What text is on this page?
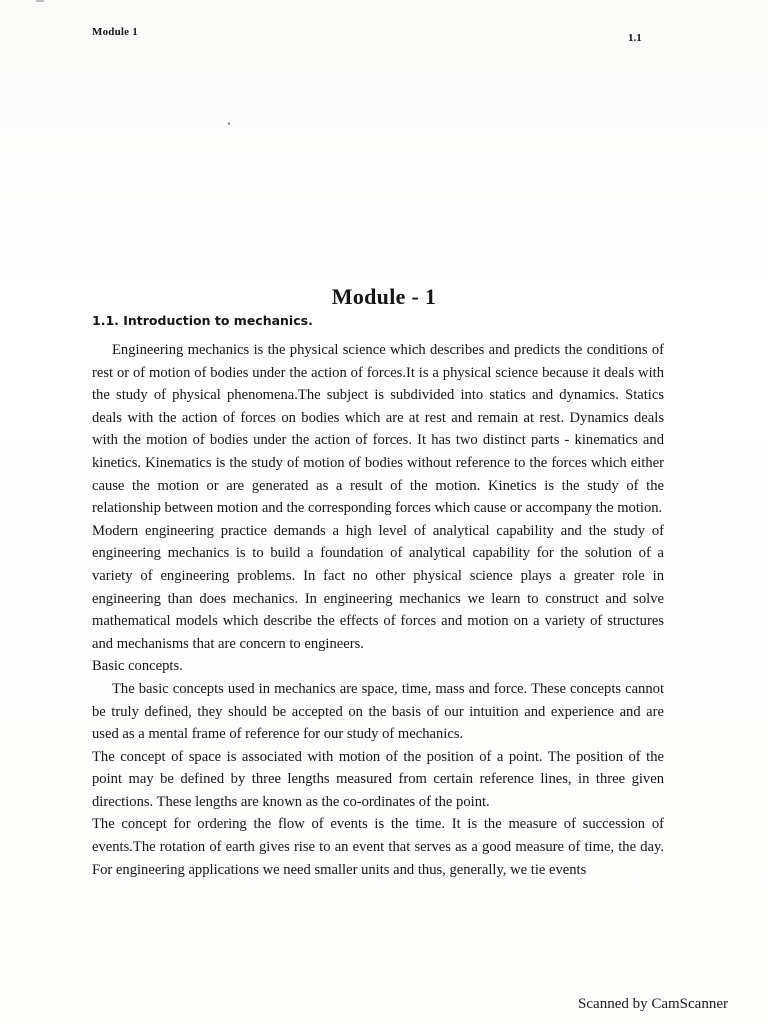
Module 1	1.1
Module - 1
1.1. Introduction to mechanics.

Engineering mechanics is the physical science which describes and predicts the conditions of rest or of motion of bodies under the action of forces.It is a physical science because it deals with the study of physical phenomena.The subject is subdivided into statics and dynamics. Statics deals with the action of forces on bodies which are at rest and remain at rest. Dynamics deals with the motion of bodies under the action of forces. It has two distinct parts - kinematics and kinetics. Kinematics is the study of motion of bodies without reference to the forces which either cause the motion or are generated as a result of the motion. Kinetics is the study of the relationship between motion and the corresponding forces which cause or accompany the motion.

Modern engineering practice demands a high level of analytical capability and the study of engineering mechanics is to build a foundation of analytical capability for the solution of a variety of engineering problems. In fact no other physical science plays a greater role in engineering than does mechanics. In engineering mechanics we learn to construct and solve mathematical models which describe the effects of forces and motion on a variety of structures and mechanisms that are concern to engineers.

Basic concepts.

The basic concepts used in mechanics are space, time, mass and force. These concepts cannot be truly defined, they should be accepted on the basis of our intuition and experience and are used as a mental frame of reference for our study of mechanics.

The concept of space is associated with motion of the position of a point. The position of the point may be defined by three lengths measured from certain reference lines, in three given directions. These lengths are known as the co-ordinates of the point.

The concept for ordering the flow of events is the time. It is the measure of succession of events.The rotation of earth gives rise to an event that serves as a good measure of time, the day. For engineering applications we need smaller units and thus, generally, we tie events

Scanned by CamScanner
